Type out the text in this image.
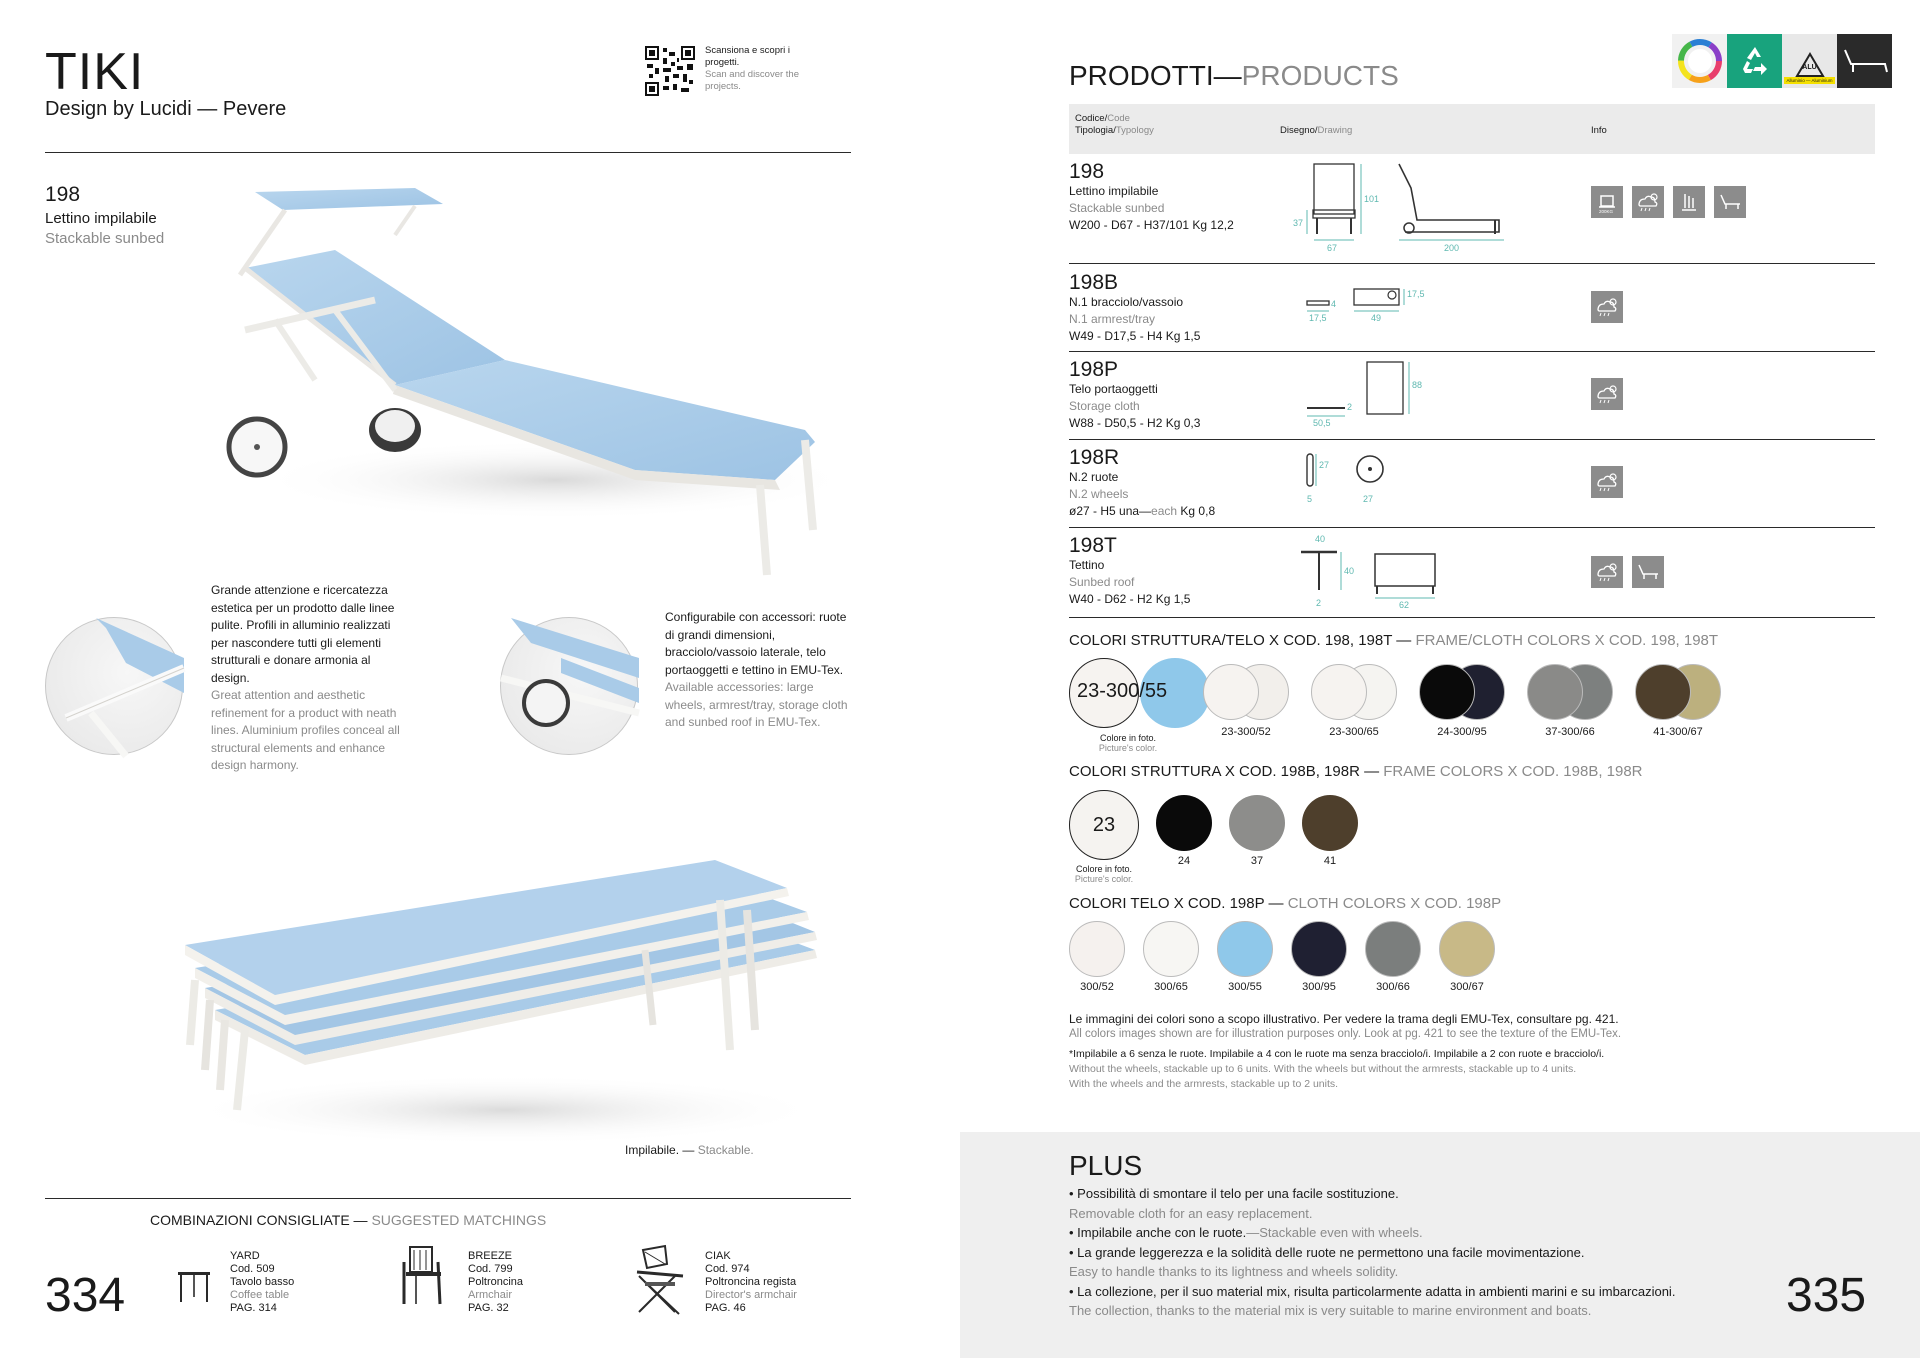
TIKI
Design by Lucidi — Pevere
Scansiona e scopri i progetti.
Scan and discover the projects.
198
Lettino impilabile
Stackable sunbed
Grande attenzione e ricercatezza estetica per un prodotto dalle linee pulite. Profili in alluminio realizzati per nascondere tutti gli elementi strutturali e donare armonia al design.
Great attention and aesthetic refinement for a product with neath lines. Aluminium profiles conceal all structural elements and enhance design harmony.
Configurabile con accessori: ruote di grandi dimensioni, bracciolo/vassoio laterale, telo portaoggetti e tettino in EMU-Tex.
Available accessories: large wheels, armrest/tray, storage cloth and sunbed roof in EMU-Tex.
Impilabile. — Stackable.
COMBINAZIONI CONSIGLIATE — SUGGESTED MATCHINGS
YARD
Cod. 509
Tavolo basso
Coffee table
PAG. 314
BREEZE
Cod. 799
Poltroncina
Armchair
PAG. 32
CIAK
Cod. 974
Poltroncina regista
Director's armchair
PAG. 46
PRODOTTI—PRODUCTS	ALU
Alluminio — Aluminium
Codice/Code
Tipologia/Typology	Disegno/Drawing	Info
198
Lettino impilabile
Stackable sunbed
W200 - D67 - H37/101 Kg 12,2
101
37
67	200
200KG
198B
N.1 bracciolo/vassoio
N.1 armrest/tray
W49 - D17,5 - H4 Kg 1,5
4
17,5
17,5
49
198P
Telo portaoggetti
Storage cloth
W88 - D50,5 - H2 Kg 0,3
2
50,5
88
198R
N.2 ruote
N.2 wheels
ø27 - H5 una—each Kg 0,8
27
5	27
198T
Tettino
Sunbed roof
W40 - D62 - H2 Kg 1,5
40
40
2	62
COLORI STRUTTURA/TELO X COD. 198, 198T — FRAME/CLOTH COLORS X COD. 198, 198T
23-300/55
Colore in foto.
Picture's color.
23-300/52	23-300/65	24-300/95	37-300/66	41-300/67
COLORI STRUTTURA X COD. 198B, 198R — FRAME COLORS X COD. 198B, 198R
23
Colore in foto.
Picture's color.
24	37	41
COLORI TELO X COD. 198P — CLOTH COLORS X COD. 198P
300/52	300/65	300/55	300/95	300/66	300/67
Le immagini dei colori sono a scopo illustrativo. Per vedere la trama degli EMU-Tex, consultare pg. 421.
All colors images shown are for illustration purposes only. Look at pg. 421 to see the texture of the EMU-Tex.
*Impilabile a 6 senza le ruote. Impilabile a 4 con le ruote ma senza bracciolo/i. Impilabile a 2 con ruote e bracciolo/i.
Without the wheels, stackable up to 6 units. With the wheels but without the armrests, stackable up to 4 units.
With the wheels and the armrests, stackable up to 2 units.
PLUS
• Possibilità di smontare il telo per una facile sostituzione.
Removable cloth for an easy replacement.
• Impilabile anche con le ruote.—Stackable even with wheels.
• La grande leggerezza e la solidità delle ruote ne permettono una facile movimentazione.
Easy to handle thanks to its lightness and wheels solidity.
• La collezione, per il suo material mix, risulta particolarmente adatta in ambienti marini e su imbarcazioni.
The collection, thanks to the material mix is very suitable to marine environment and boats.
334	335
